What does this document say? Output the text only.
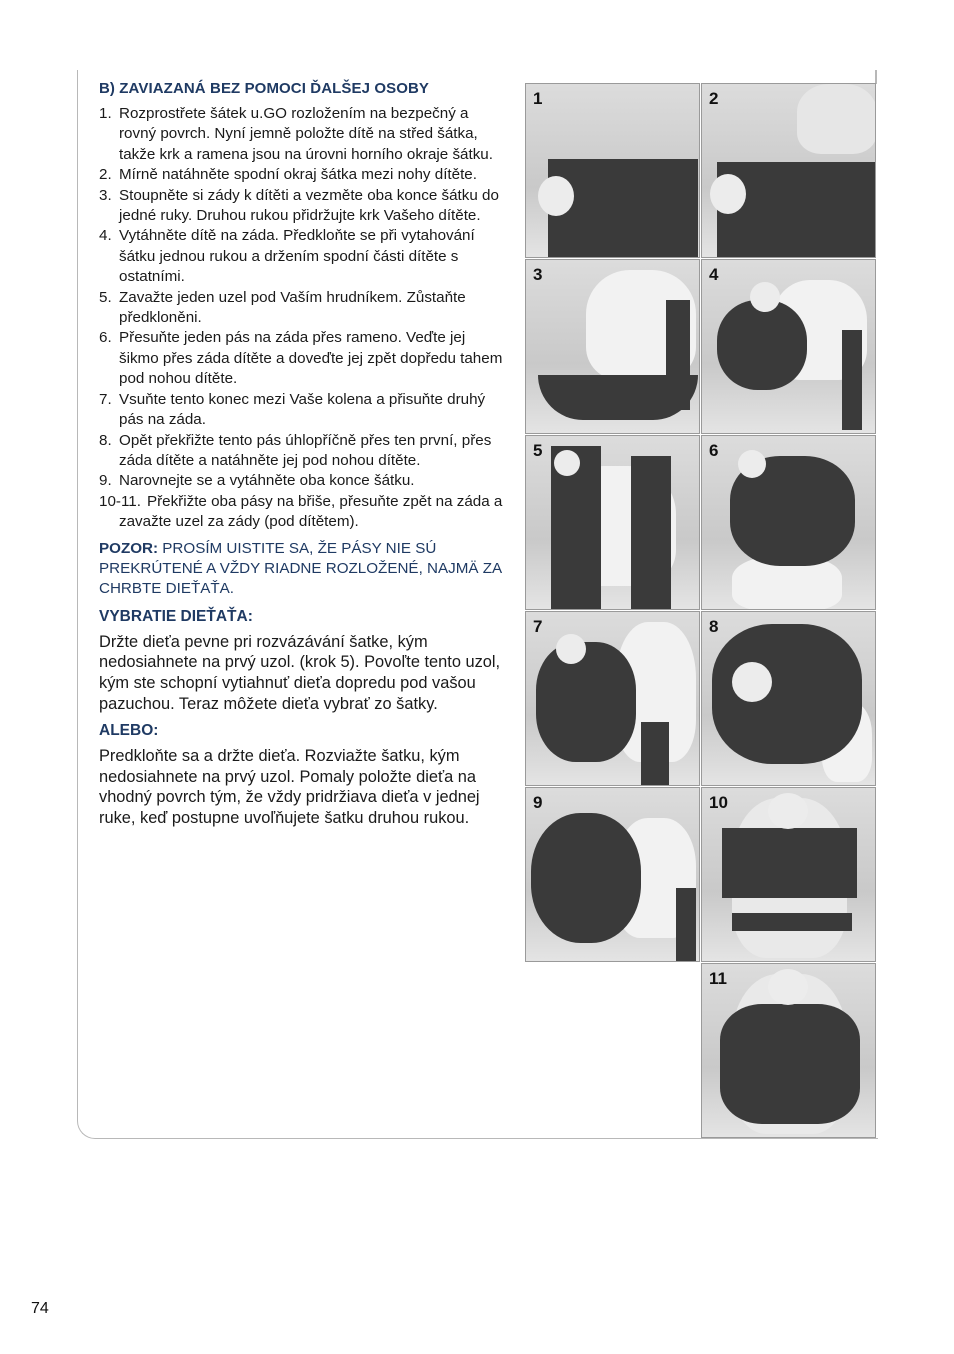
B) ZAVIAZANÁ BEZ POMOCI ĎALŠEJ OSOBY
1. Rozprostřete šátek u.GO rozložením na bezpečný a rovný povrch. Nyní jemně položte dítě na střed šátka, takže krk a ramena jsou na úrovni horního okraje šátku.
2. Mírně natáhněte spodní okraj šátka mezi nohy dítěte.
3. Stoupněte si zády k dítěti a vezměte oba konce šátku do jedné ruky. Druhou rukou přidržujte krk Vašeho dítěte.
4. Vytáhněte dítě na záda. Předkloňte se při vytahování šátku jednou rukou a držením spodní části dítěte s ostatními.
5. Zavažte jeden uzel pod Vaším hrudníkem. Zůstaňte předkloněni.
6. Přesuňte jeden pás na záda přes rameno. Veďte jej šikmo přes záda dítěte a doveďte jej zpět dopředu tahem pod nohou dítěte.
7. Vsuňte tento konec mezi Vaše kolena a přisuňte druhý pás na záda.
8. Opět překřižte tento pás úhlopříčně přes ten první, přes záda dítěte a natáhněte jej pod nohou dítěte.
9. Narovnejte se a vytáhněte oba konce šátku.
10-11. Překřižte oba pásy na břiše, přesuňte zpět na záda a zavažte uzel za zády (pod dítětem).
POZOR: PROSÍM UISTITE SA, ŽE PÁSY NIE SÚ PREKRÚTENÉ A VŽDY RIADNE ROZLOŽENÉ, NAJMÄ ZA CHRBTE DIEŤAŤA.
VYBRATIE DIEŤAŤA:

Držte dieťa pevne pri rozvázávání šatke, kým nedosiahnete na prvý uzol. (krok 5). Povoľte tento uzol, kým ste schopní vytiahnuť dieťa dopredu pod vašou pazuchou. Teraz môžete dieťa vybrať zo šatky.

ALEBO:

Predkloňte sa a držte dieťa. Rozviažte šatku, kým nedosiahnete na prvý uzol. Pomaly položte dieťa na vhodný povrch tým, že vždy pridržiava dieťa v jednej ruke, keď postupne uvoľňujete šatku druhou rukou.

1	2
3	4
5	6
7	8
9	10
11
74
